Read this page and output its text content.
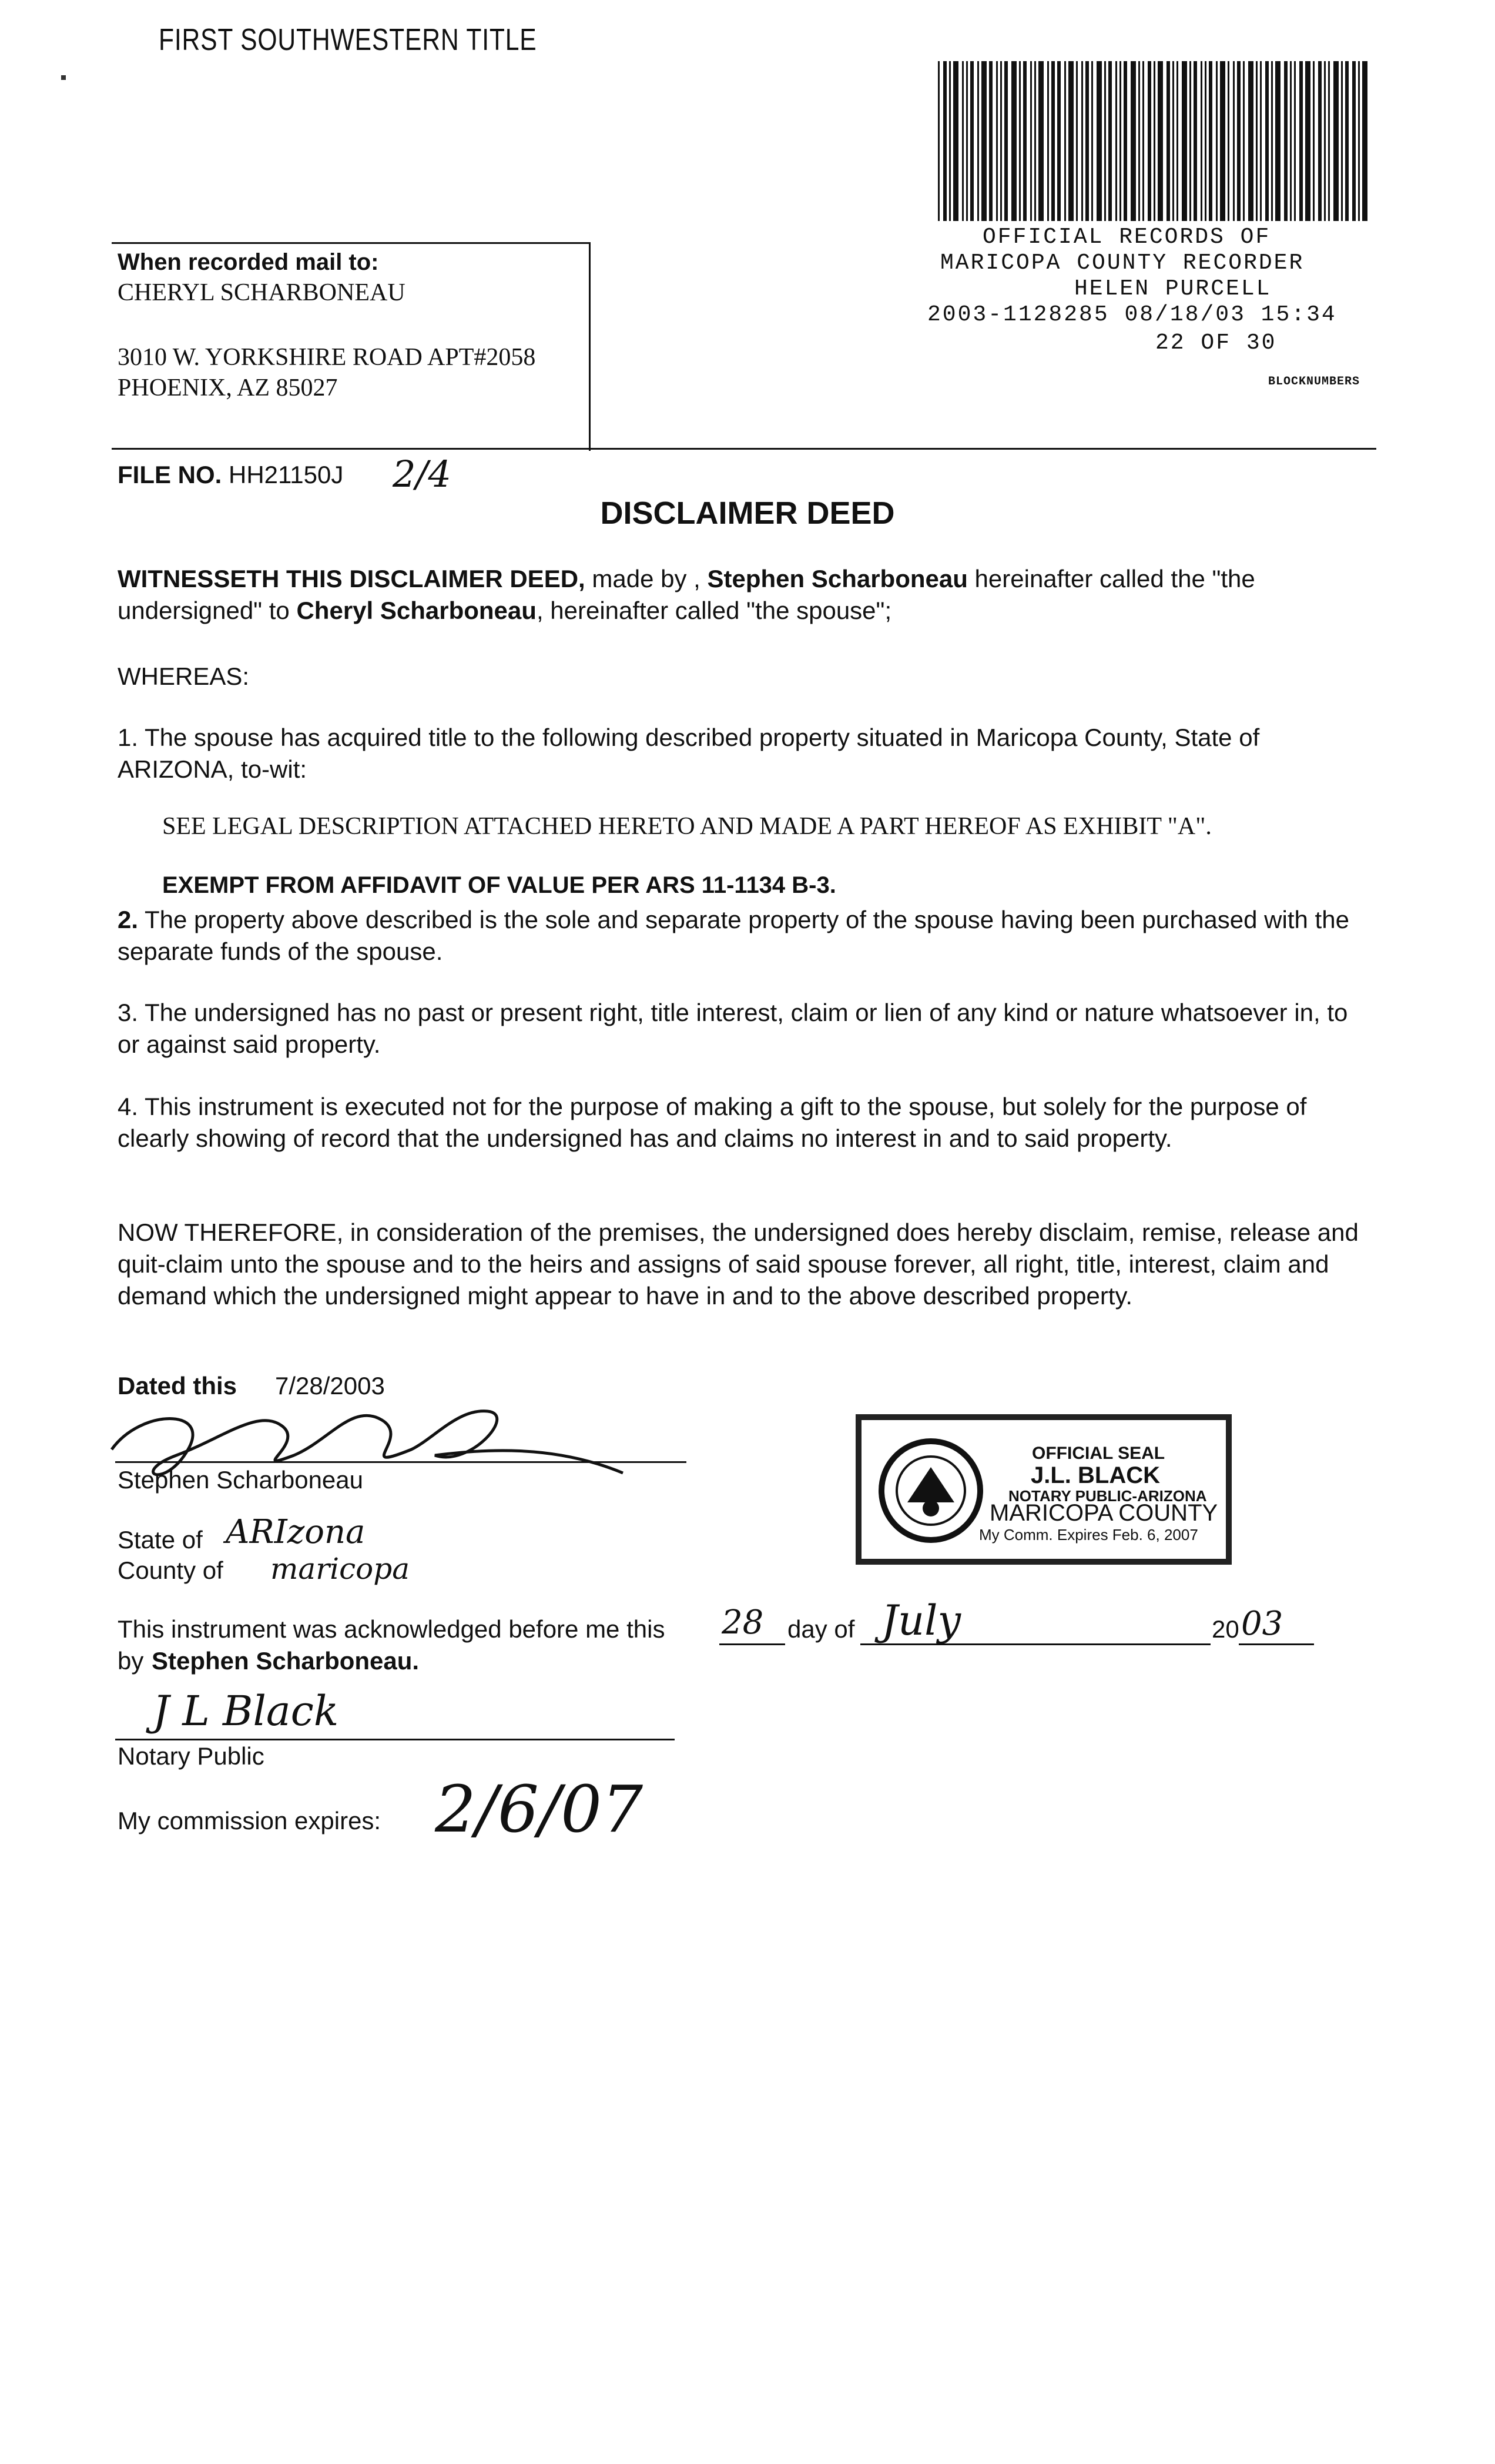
FIRST SOUTHWESTERN TITLE
When recorded mail to:
CHERYL SCHARBONEAU
3010 W. YORKSHIRE ROAD APT#2058
PHOENIX, AZ 85027
OFFICIAL RECORDS OF
MARICOPA COUNTY RECORDER
HELEN PURCELL
2003-1128285 08/18/03 15:34
22 OF 30
BLOCKNUMBERS
FILE NO. HH21150J 2/4
DISCLAIMER DEED
WITNESSETH THIS DISCLAIMER DEED, made by , Stephen Scharboneau hereinafter called the "the undersigned" to Cheryl Scharboneau, hereinafter called "the spouse";
WHEREAS:
1. The spouse has acquired title to the following described property situated in Maricopa County, State of ARIZONA, to-wit:
SEE LEGAL DESCRIPTION ATTACHED HERETO AND MADE A PART HEREOF AS EXHIBIT "A".
EXEMPT FROM AFFIDAVIT OF VALUE PER ARS 11-1134 B-3.
2. The property above described is the sole and separate property of the spouse having been purchased with the separate funds of the spouse.
3. The undersigned has no past or present right, title interest, claim or lien of any kind or nature whatsoever in, to or against said property.
4. This instrument is executed not for the purpose of making a gift to the spouse, but solely for the purpose of clearly showing of record that the undersigned has and claims no interest in and to said property.
NOW THEREFORE, in consideration of the premises, the undersigned does hereby disclaim, remise, release and quit-claim unto the spouse and to the heirs and assigns of said spouse forever, all right, title, interest, claim and demand which the undersigned might appear to have in and to the above described property.
Dated this 7/28/2003
Stephen Scharboneau
State of ARIzona
County of maricopa
OFFICIAL SEAL
J.L. BLACK
NOTARY PUBLIC-ARIZONA
MARICOPA COUNTY
My Comm. Expires Feb. 6, 2007
This instrument was acknowledged before me this 28 day of July	20 03
by Stephen Scharboneau.
J L Black
Notary Public
My commission expires: 2/6/07
